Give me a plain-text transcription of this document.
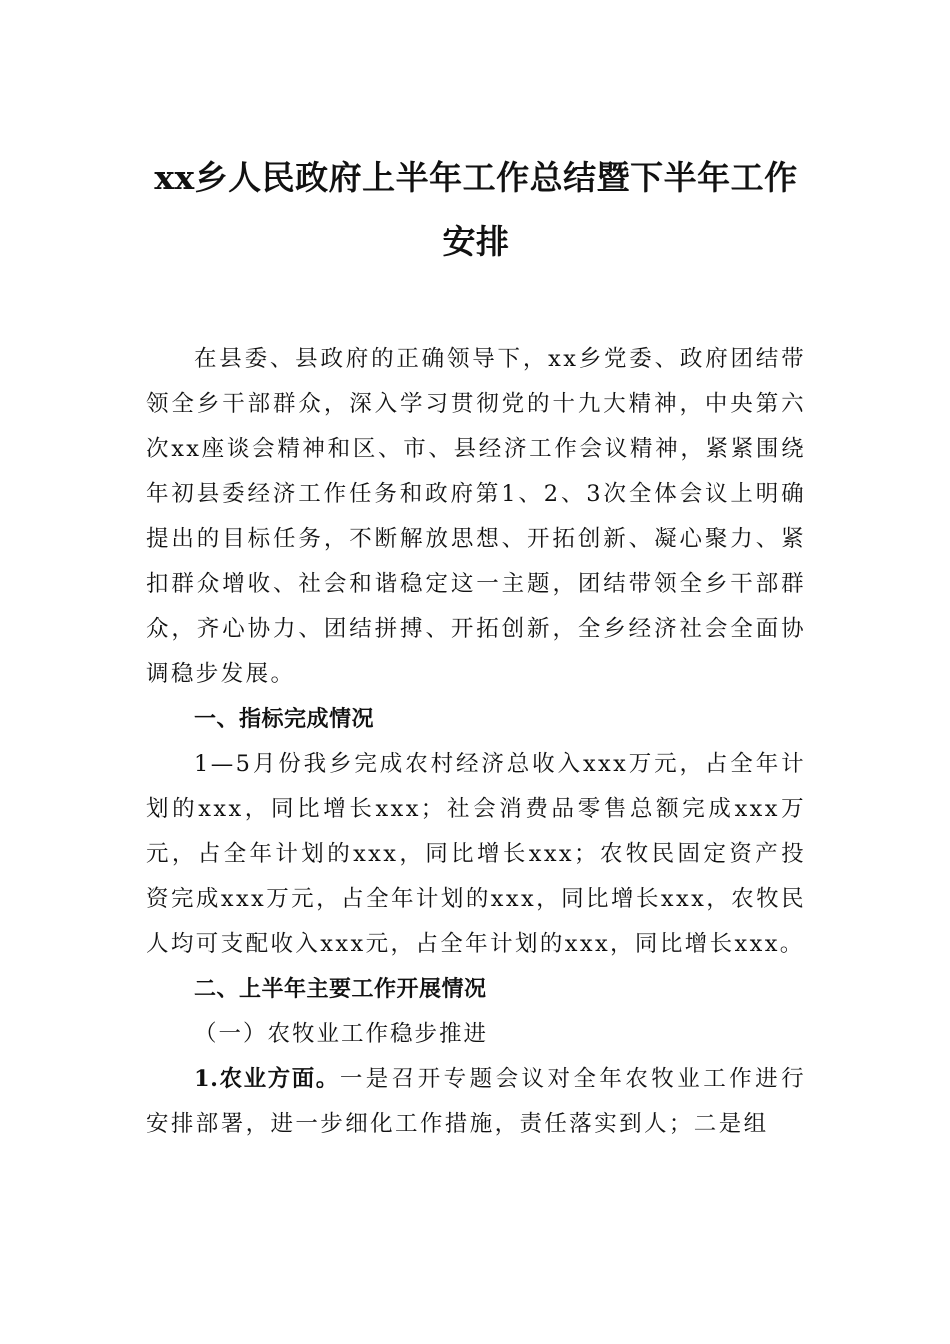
xx乡人民政府上半年工作总结暨下半年工作安排

在县委、县政府的正确领导下，xx乡党委、政府团结带领全乡干部群众，深入学习贯彻党的十九大精神，中央第六次xx座谈会精神和区、市、县经济工作会议精神，紧紧围绕年初县委经济工作任务和政府第1、2、3次全体会议上明确提出的目标任务，不断解放思想、开拓创新、凝心聚力、紧扣群众增收、社会和谐稳定这一主题，团结带领全乡干部群众，齐心协力、团结拼搏、开拓创新，全乡经济社会全面协调稳步发展。

一、指标完成情况

1—5月份我乡完成农村经济总收入xxx万元，占全年计划的xxx，同比增长xxx；社会消费品零售总额完成xxx万元，占全年计划的xxx，同比增长xxx；农牧民固定资产投资完成xxx万元，占全年计划的xxx，同比增长xxx，农牧民人均可支配收入xxx元，占全年计划的xxx，同比增长xxx。

二、上半年主要工作开展情况

（一）农牧业工作稳步推进

1.农业方面。一是召开专题会议对全年农牧业工作进行安排部署，进一步细化工作措施，责任落实到人；二是组
